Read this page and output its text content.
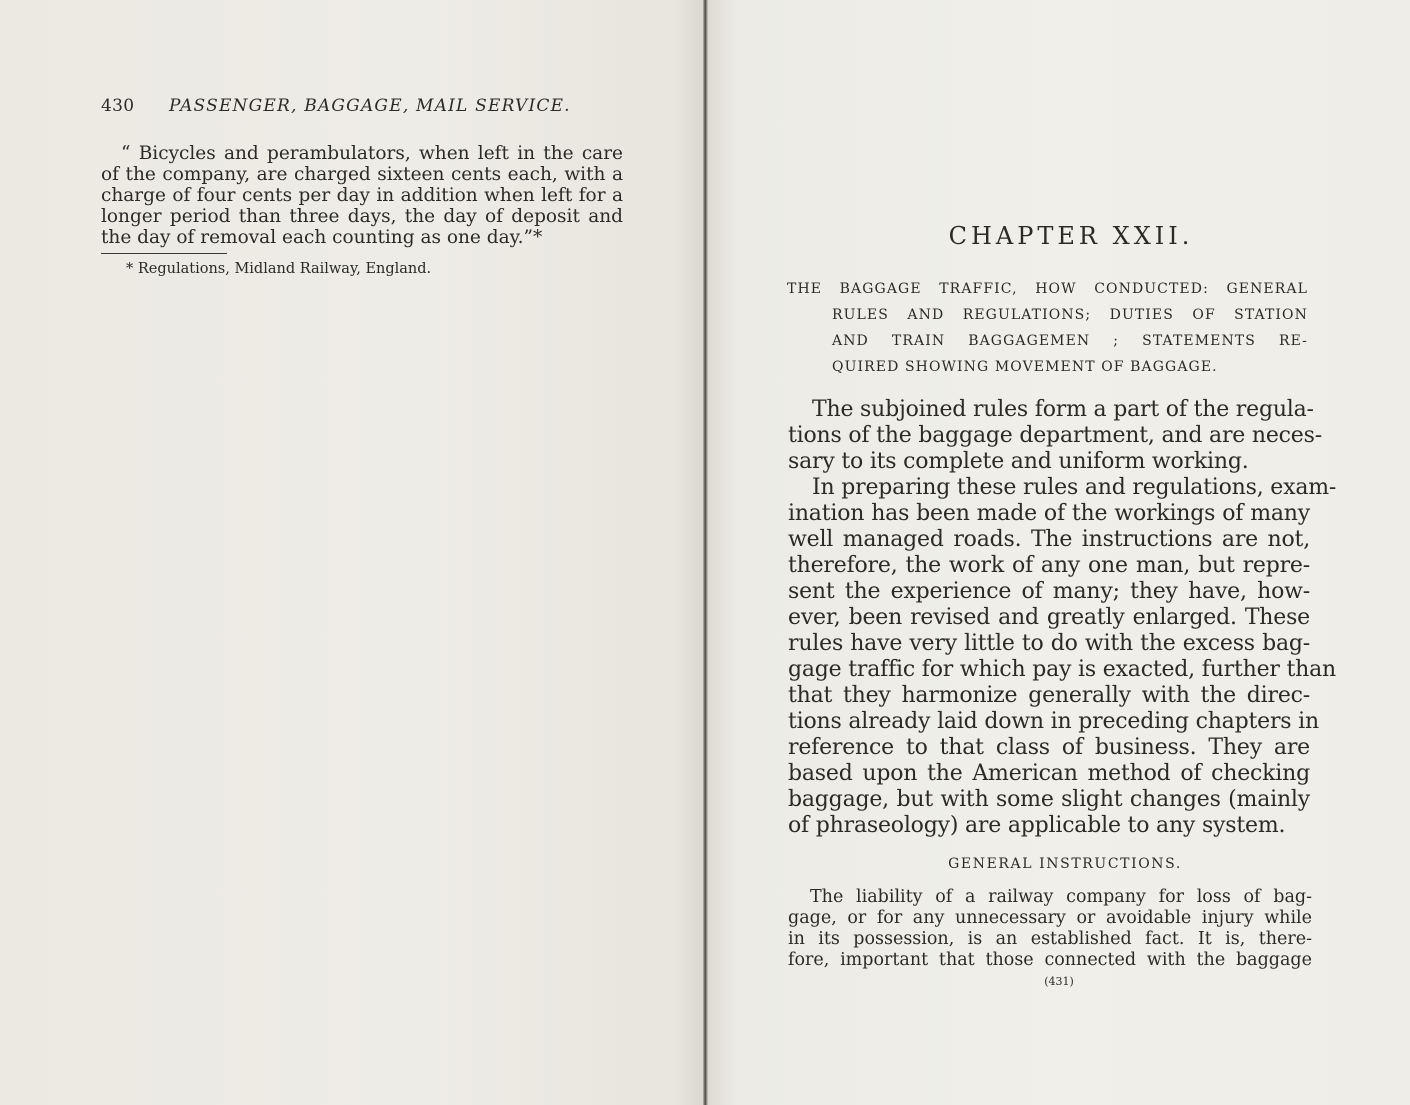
430 PASSENGER, BAGGAGE, MAIL SERVICE.
“ Bicycles and perambulators, when left in the care
of the company, are charged sixteen cents each, with a
charge of four cents per day in addition when left for a
longer period than three days, the day of deposit and
the day of removal each counting as one day.”*
* Regulations, Midland Railway, England.
CHAPTER XXII.
THE BAGGAGE TRAFFIC, HOW CONDUCTED: GENERAL
RULES AND REGULATIONS; DUTIES OF STATION
AND TRAIN BAGGAGEMEN ; STATEMENTS RE-
QUIRED SHOWING MOVEMENT OF BAGGAGE.
The subjoined rules form a part of the regula-
tions of the baggage department, and are neces-
sary to its complete and uniform working.
In preparing these rules and regulations, exam-
ination has been made of the workings of many
well managed roads. The instructions are not,
therefore, the work of any one man, but repre-
sent the experience of many; they have, how-
ever, been revised and greatly enlarged. These
rules have very little to do with the excess bag-
gage traffic for which pay is exacted, further than
that they harmonize generally with the direc-
tions already laid down in preceding chapters in
reference to that class of business. They are
based upon the American method of checking
baggage, but with some slight changes (mainly
of phraseology) are applicable to any system.
GENERAL INSTRUCTIONS.
The liability of a railway company for loss of bag-
gage, or for any unnecessary or avoidable injury while
in its possession, is an established fact. It is, there-
fore, important that those connected with the baggage
(431)
